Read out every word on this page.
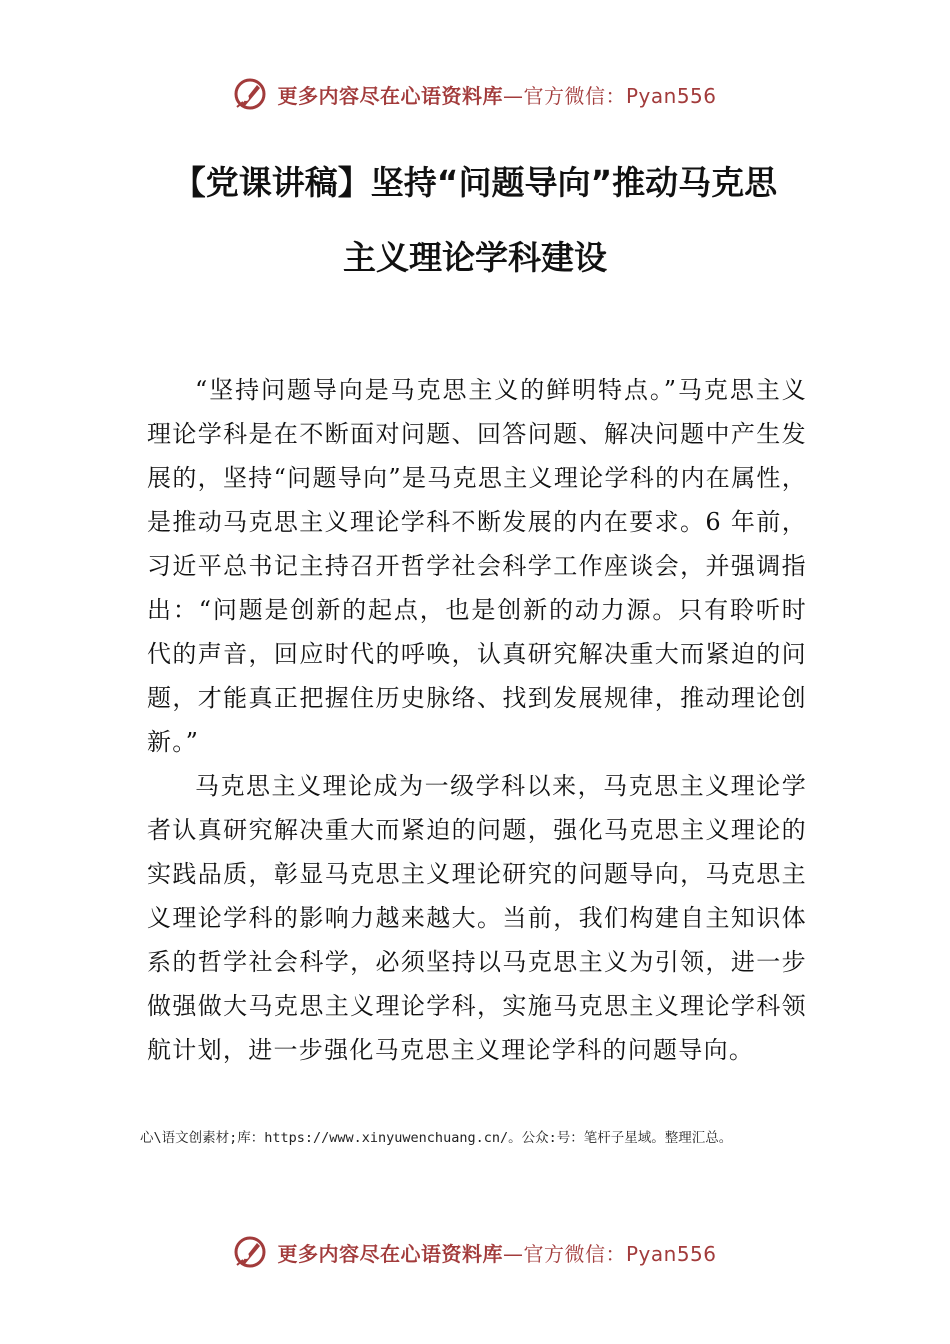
更多内容尽在心语资料库—官方微信：Pyan556
【党课讲稿】坚持“问题导向”推动马克思
主义理论学科建设

“坚持问题导向是马克思主义的鲜明特点。”马克思主义理论学科是在不断面对问题、回答问题、解决问题中产生发展的，坚持“问题导向”是马克思主义理论学科的内在属性，是推动马克思主义理论学科不断发展的内在要求。6 年前，习近平总书记主持召开哲学社会科学工作座谈会，并强调指出：“问题是创新的起点，也是创新的动力源。只有聆听时代的声音，回应时代的呼唤，认真研究解决重大而紧迫的问题，才能真正把握住历史脉络、找到发展规律，推动理论创新。”

马克思主义理论成为一级学科以来，马克思主义理论学者认真研究解决重大而紧迫的问题，强化马克思主义理论的实践品质，彰显马克思主义理论研究的问题导向，马克思主义理论学科的影响力越来越大。当前，我们构建自主知识体系的哲学社会科学，必须坚持以马克思主义为引领，进一步做强做大马克思主义理论学科，实施马克思主义理论学科领航计划，进一步强化马克思主义理论学科的问题导向。

心\语文创素材;库：https://www.xinyuwenchuang.cn/。公众:号：笔杆子星域。整理汇总。
更多内容尽在心语资料库—官方微信：Pyan556
